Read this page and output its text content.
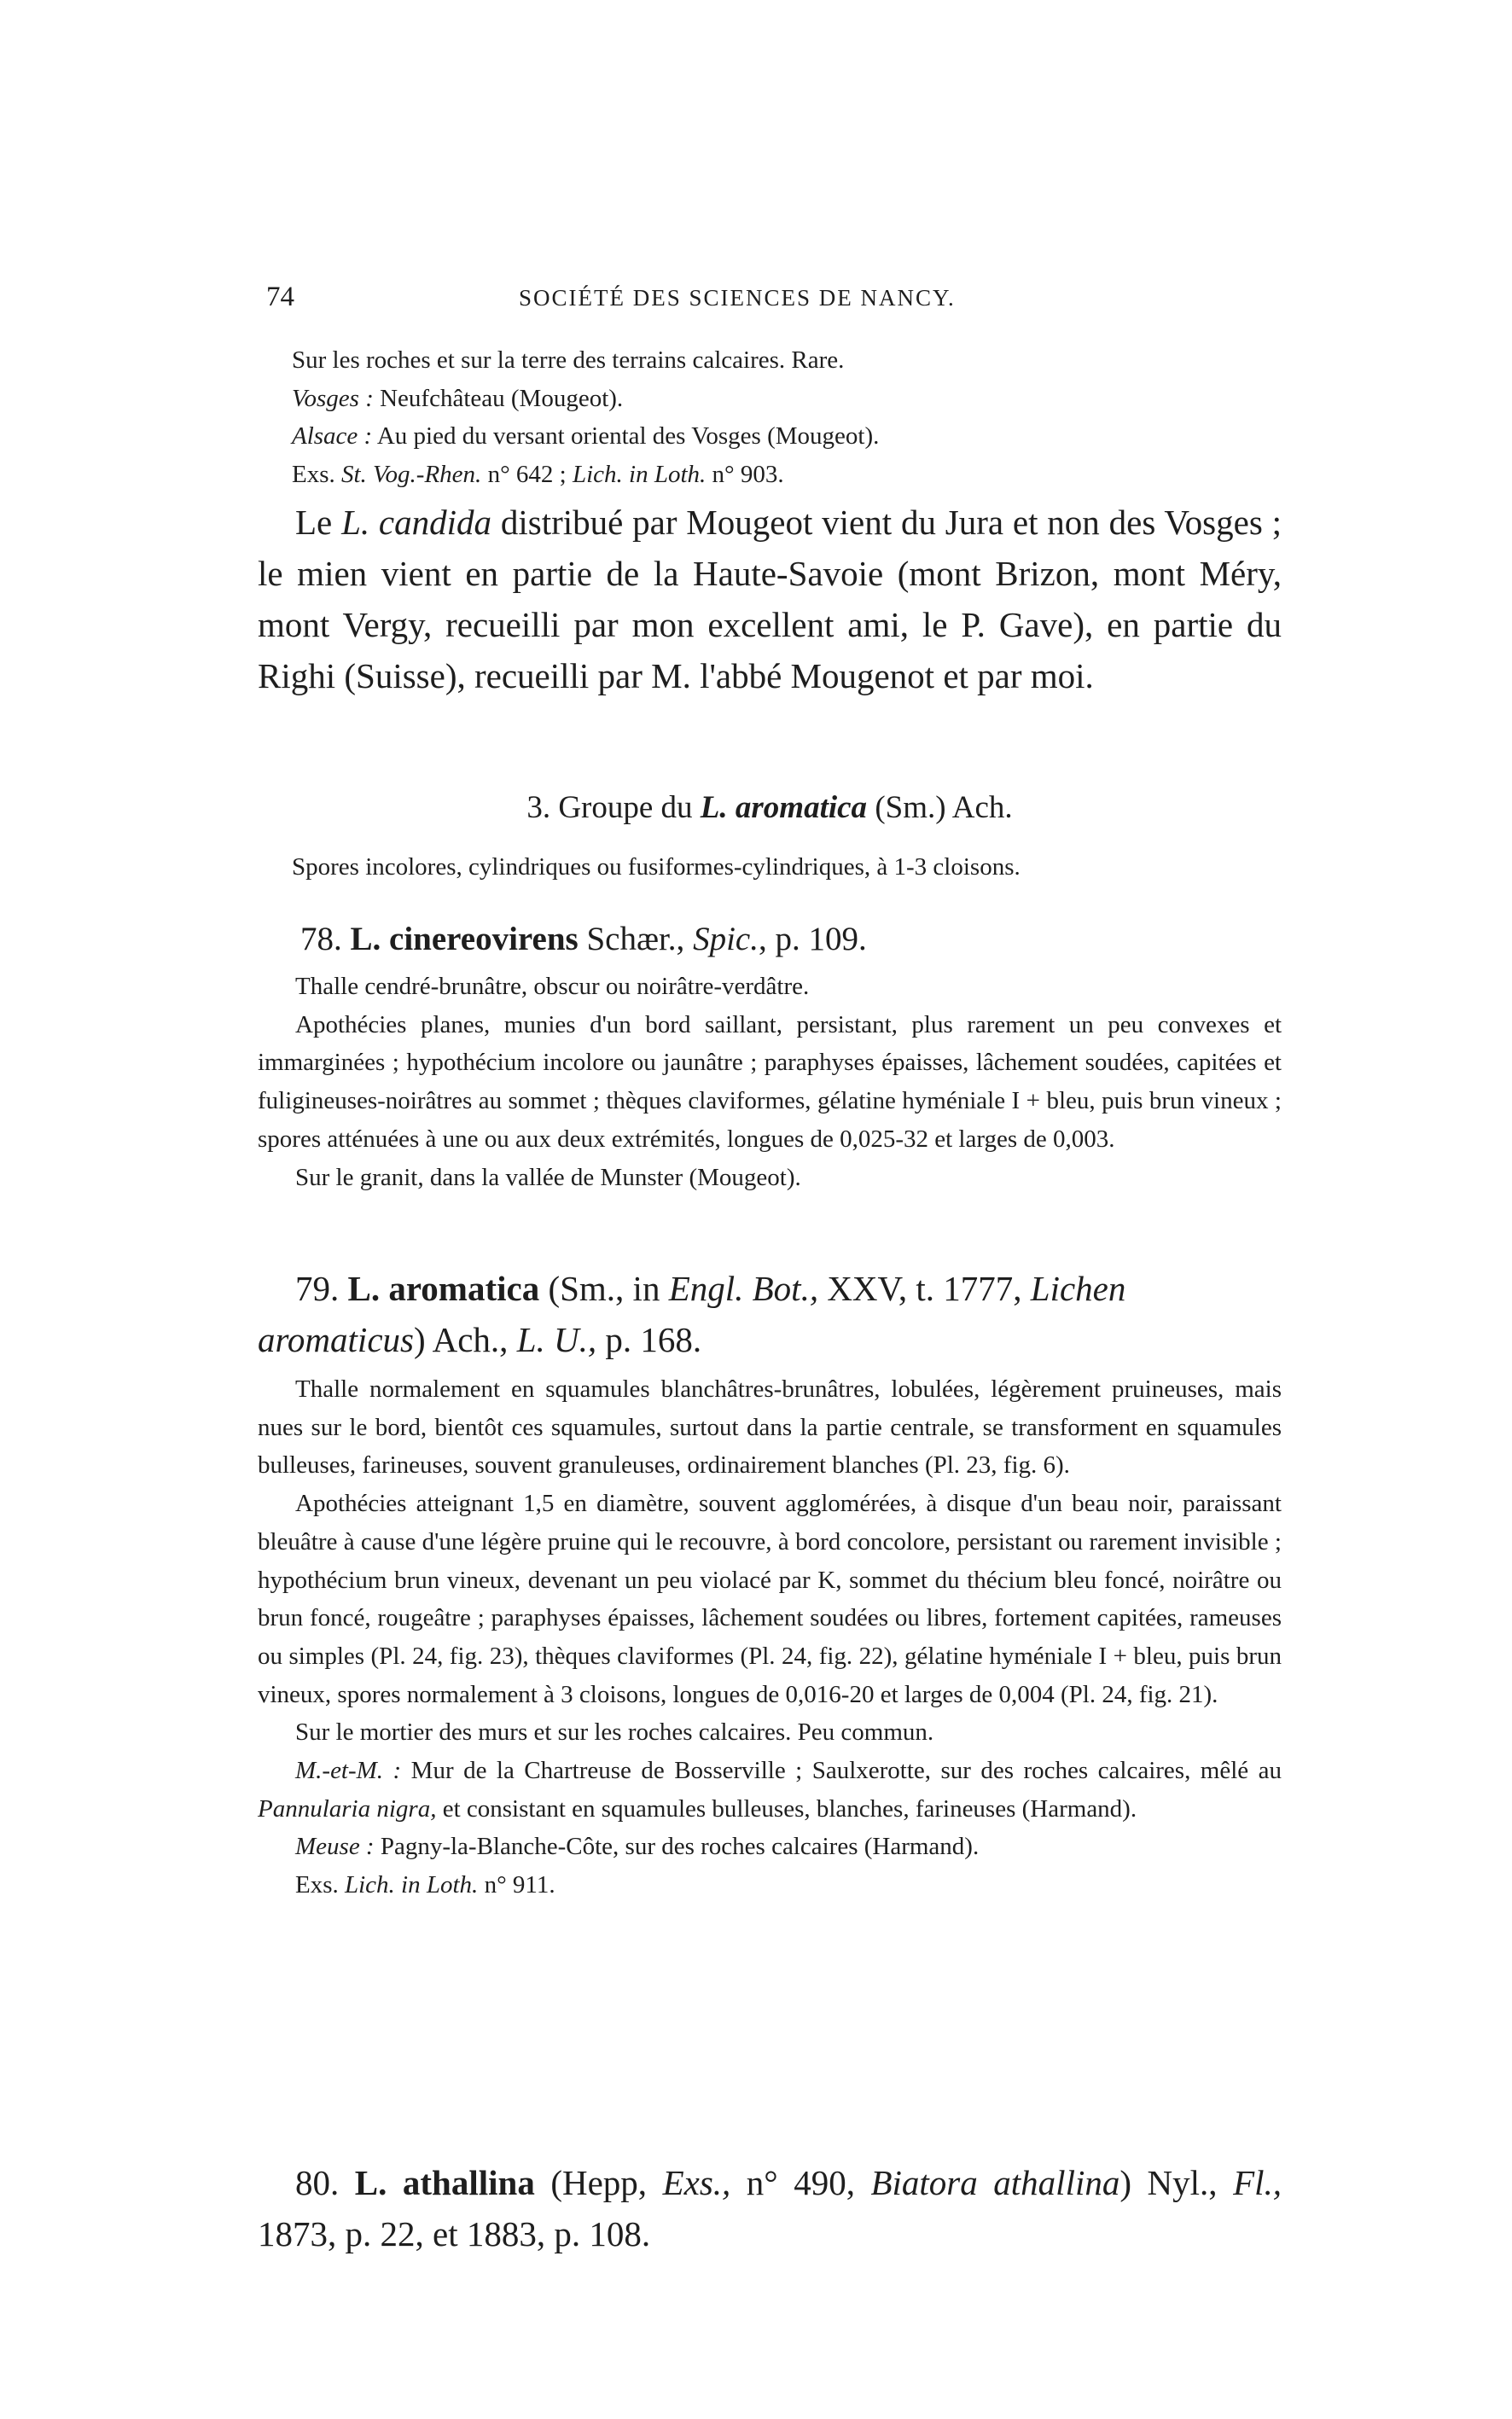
74	SOCIÉTÉ DES SCIENCES DE NANCY.

Sur les roches et sur la terre des terrains calcaires. Rare.

Vosges : Neufchâteau (Mougeot).

Alsace : Au pied du versant oriental des Vosges (Mougeot).

Exs. St. Vog.-Rhen. n° 642 ; Lich. in Loth. n° 903.

Le L. candida distribué par Mougeot vient du Jura et non des Vosges ; le mien vient en partie de la Haute-Savoie (mont Brizon, mont Méry, mont Vergy, recueilli par mon excellent ami, le P. Gave), en partie du Righi (Suisse), recueilli par M. l'abbé Mougenot et par moi.

3. Groupe du L. aromatica (Sm.) Ach.

Spores incolores, cylindriques ou fusiformes-cylindriques, à 1-3 cloisons.

78. L. cinereovirens Schær., Spic., p. 109.

Thalle cendré-brunâtre, obscur ou noirâtre-verdâtre.

Apothécies planes, munies d'un bord saillant, persistant, plus rarement un peu convexes et immarginées ; hypothécium incolore ou jaunâtre ; paraphyses épaisses, lâchement soudées, capitées et fuligineuses-noirâtres au sommet ; thèques claviformes, gélatine hyméniale I + bleu, puis brun vineux ; spores atténuées à une ou aux deux extrémités, longues de 0,025-32 et larges de 0,003.

Sur le granit, dans la vallée de Munster (Mougeot).

79. L. aromatica (Sm., in Engl. Bot., XXV, t. 1777, Lichen aromaticus) Ach., L. U., p. 168.

Thalle normalement en squamules blanchâtres-brunâtres, lobulées, légèrement pruineuses, mais nues sur le bord, bientôt ces squamules, surtout dans la partie centrale, se transforment en squamules bulleuses, farineuses, souvent granuleuses, ordinairement blanches (Pl. 23, fig. 6).

Apothécies atteignant 1,5 en diamètre, souvent agglomérées, à disque d'un beau noir, paraissant bleuâtre à cause d'une légère pruine qui le recouvre, à bord concolore, persistant ou rarement invisible ; hypothécium brun vineux, devenant un peu violacé par K, sommet du thécium bleu foncé, noirâtre ou brun foncé, rougeâtre ; paraphyses épaisses, lâchement soudées ou libres, fortement capitées, rameuses ou simples (Pl. 24, fig. 23), thèques claviformes (Pl. 24, fig. 22), gélatine hyméniale I + bleu, puis brun vineux, spores normalement à 3 cloisons, longues de 0,016-20 et larges de 0,004 (Pl. 24, fig. 21).

Sur le mortier des murs et sur les roches calcaires. Peu commun.

M.-et-M. : Mur de la Chartreuse de Bosserville ; Saulxerotte, sur des roches calcaires, mêlé au Pannularia nigra, et consistant en squamules bulleuses, blanches, farineuses (Harmand).

Meuse : Pagny-la-Blanche-Côte, sur des roches calcaires (Harmand).

Exs. Lich. in Loth. n° 911.

80. L. athallina (Hepp, Exs., n° 490, Biatora athallina) Nyl., Fl., 1873, p. 22, et 1883, p. 108.
